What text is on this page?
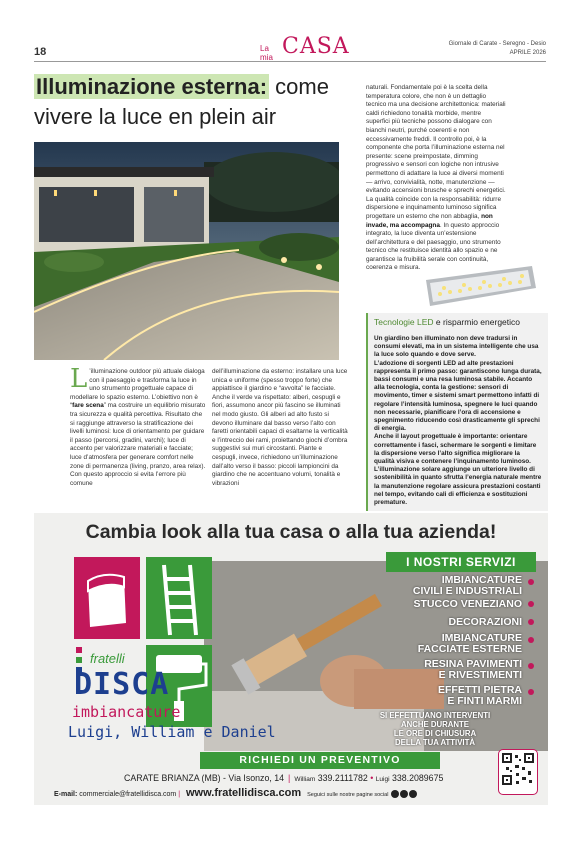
18	La mia CASA	Giornale di Carate - Seregno - Desio
APRILE 2026
Illuminazione esterna: come vivere la luce en plein air
L ’illuminazione outdoor più attuale dialoga con il paesaggio e trasforma la luce in uno strumento progettuale capace di modellare lo spazio esterno. L’obiettivo non è “fare scena” ma costruire un equilibrio misurato tra sicurezza e qualità percettiva. Risultato che si raggiunge attraverso la stratificazione dei livelli luminosi: luce di orientamento per guidare il passo (percorsi, gradini, varchi); luce di accento per valorizzare materiali e facciate; luce d’atmosfera per generare comfort nelle zone di permanenza (living, pranzo, area relax). Con questo approccio si evita l’errore più comune
dell’illuminazione da esterno: installare una luce unica e uniforme (spesso troppo forte) che appiattisce il giardino e “avvolta” le facciate. Anche il verde va rispettato: alberi, cespugli e fiori, assumono ancor più fascino se illuminati nel modo giusto. Gli alberi ad alto fusto si devono illuminare dal basso verso l’alto con faretti orientabili capaci di esaltarne la verticalità e l’intreccio dei rami, proiettando giochi d’ombra suggestivi sui muri circostanti. Piante e cespugli, invece, richiedono un’illuminazione dall’alto verso il basso: piccoli lampioncini da giardino che ne accentuano volumi, tonalità e vibrazioni
naturali. Fondamentale poi è la scelta della temperatura colore, che non è un dettaglio tecnico ma una decisione architettonica: materiali caldi richiedono tonalità morbide, mentre superfici più tecniche possono dialogare con bianchi neutri, purché coerenti e non eccessivamente freddi. Il controllo poi, è la componente che porta l’illuminazione esterna nel presente: scene preimpostate, dimming progressivo e sensori con logiche non intrusive permettono di adattare la luce ai diversi momenti — arrivo, convivialità, notte, manutenzione — evitando accensioni brusche e sprechi energetici. La qualità coincide con la responsabilità: ridurre dispersione e inquinamento luminoso significa progettare un esterno che non abbaglia, non invade, ma accompagna. In questo approccio integrato, la luce diventa un’estensione dell’architettura e del paesaggio, uno strumento tecnico che restituisce identità allo spazio e ne garantisce la fruibilità serale con continuità, coerenza e misura.
Tecnologie LED e risparmio energetico

Un giardino ben illuminato non deve tradursi in consumi elevati, ma in un sistema intelligente che usa la luce solo quando e dove serve.

L’adozione di sorgenti LED ad alte prestazioni rappresenta il primo passo: garantiscono lunga durata, bassi consumi e una resa luminosa stabile. Accanto alla tecnologia, conta la gestione: sensori di movimento, timer e sistemi smart permettono infatti di regolare l’intensità luminosa, spegnere le luci quando non necessarie, pianificare l’ora di accensione e spegnimento riducendo così drasticamente gli sprechi di energia.

Anche il layout progettuale è importante: orientare correttamente i fasci, schermare le sorgenti e limitare la dispersione verso l’alto significa migliorare la qualità visiva e contenere l’inquinamento luminoso. L’illuminazione solare aggiunge un ulteriore livello di sostenibilità in quanto sfrutta l’energia naturale mentre la manutenzione regolare assicura prestazioni costanti nel tempo, evitando cali di efficienza e sostituzioni premature.

Cambia look alla tua casa o alla tua azienda!
fratelli
DISCA
imbiancature
Luigi, William e Daniel
I NOSTRI SERVIZI
IMBIANCATURE
CIVILI E INDUSTRIALI
STUCCO VENEZIANO
DECORAZIONI
IMBIANCATURE
FACCIATE ESTERNE
RESINA PAVIMENTI
E RIVESTIMENTI
EFFETTI PIETRA
E FINTI MARMI
SI EFFETTUANO INTERVENTI
ANCHE DURANTE
LE ORE DI CHIUSURA
DELLA TUA ATTIVITÀ
RICHIEDI UN PREVENTIVO
CARATE BRIANZA (MB) - Via Isonzo, 14 | William 339.2111782 • Luigi 338.2089675
E-mail: commerciale@fratellidisca.com | www.fratellidisca.com Seguici sulle nostre pagine social
